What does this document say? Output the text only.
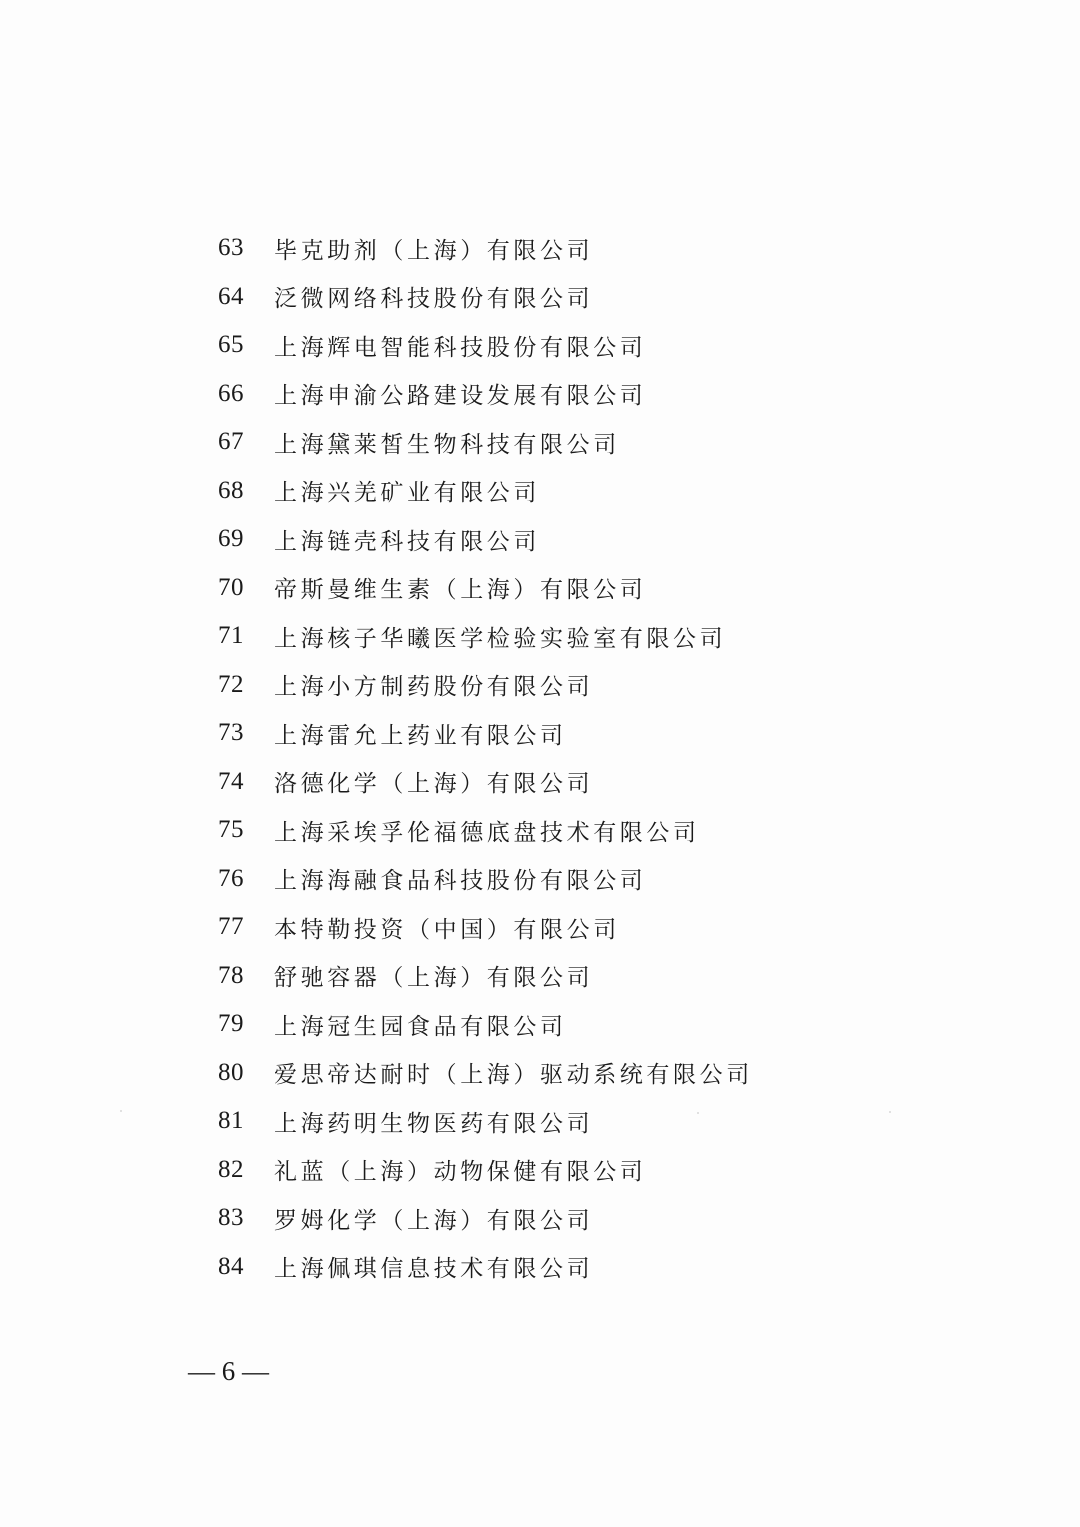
63	毕克助剂（上海）有限公司
64	泛微网络科技股份有限公司
65	上海辉电智能科技股份有限公司
66	上海申渝公路建设发展有限公司
67	上海黛莱皙生物科技有限公司
68	上海兴羌矿业有限公司
69	上海链壳科技有限公司
70	帝斯曼维生素（上海）有限公司
71	上海核子华曦医学检验实验室有限公司
72	上海小方制药股份有限公司
73	上海雷允上药业有限公司
74	洛德化学（上海）有限公司
75	上海采埃孚伦福德底盘技术有限公司
76	上海海融食品科技股份有限公司
77	本特勒投资（中国）有限公司
78	舒驰容器（上海）有限公司
79	上海冠生园食品有限公司
80	爱思帝达耐时（上海）驱动系统有限公司
81	上海药明生物医药有限公司
82	礼蓝（上海）动物保健有限公司
83	罗姆化学（上海）有限公司
84	上海佩琪信息技术有限公司
— 6 —
